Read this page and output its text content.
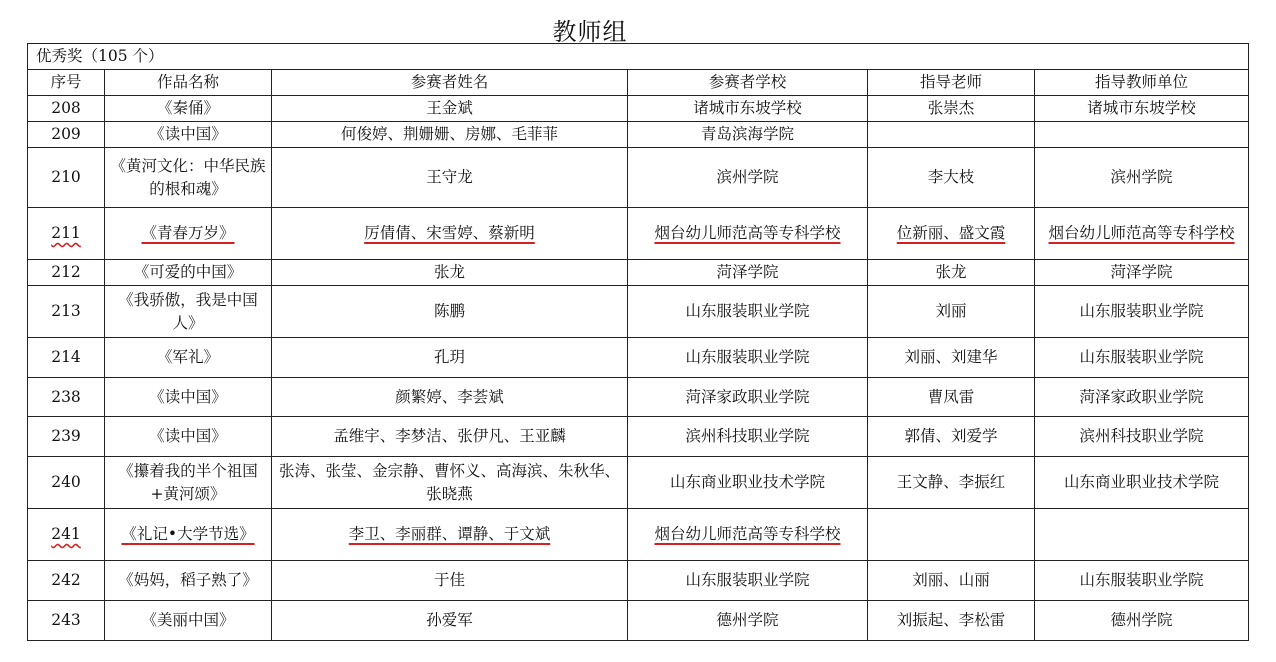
教师组
优秀奖（105 个）					
序号	作品名称	参赛者姓名	参赛者学校	指导老师	指导教师单位
208	《秦俑》	王金斌	诸城市东坡学校	张崇杰	诸城市东坡学校
209	《读中国》	何俊婷、荆姗姗、房娜、毛菲菲	青岛滨海学院		
210	《黄河文化：中华民族的根和魂》	王守龙	滨州学院	李大枝	滨州学院
211	《青春万岁》	厉倩倩、宋雪婷、蔡新明	烟台幼儿师范高等专科学校	位新丽、盛文霞	烟台幼儿师范高等专科学校
212	《可爱的中国》	张龙	菏泽学院	张龙	菏泽学院
213	《我骄傲，我是中国人》	陈鹏	山东服装职业学院	刘丽	山东服装职业学院
214	《军礼》	孔玥	山东服装职业学院	刘丽、刘建华	山东服装职业学院
238	《读中国》	颜繁婷、李荟斌	菏泽家政职业学院	曹凤雷	菏泽家政职业学院
239	《读中国》	孟维宇、李梦洁、张伊凡、王亚麟	滨州科技职业学院	郭倩、刘爱学	滨州科技职业学院
240	《攥着我的半个祖国+黄河颂》	张涛、张莹、金宗静、曹怀义、高海滨、朱秋华、张晓燕	山东商业职业技术学院	王文静、李振红	山东商业职业技术学院
241	《礼记•大学节选》	李卫、李丽群、谭静、于文斌	烟台幼儿师范高等专科学校		
242	《妈妈，稻子熟了》	于佳	山东服装职业学院	刘丽、山丽	山东服装职业学院
243	《美丽中国》	孙爱军	德州学院	刘振起、李松雷	德州学院
